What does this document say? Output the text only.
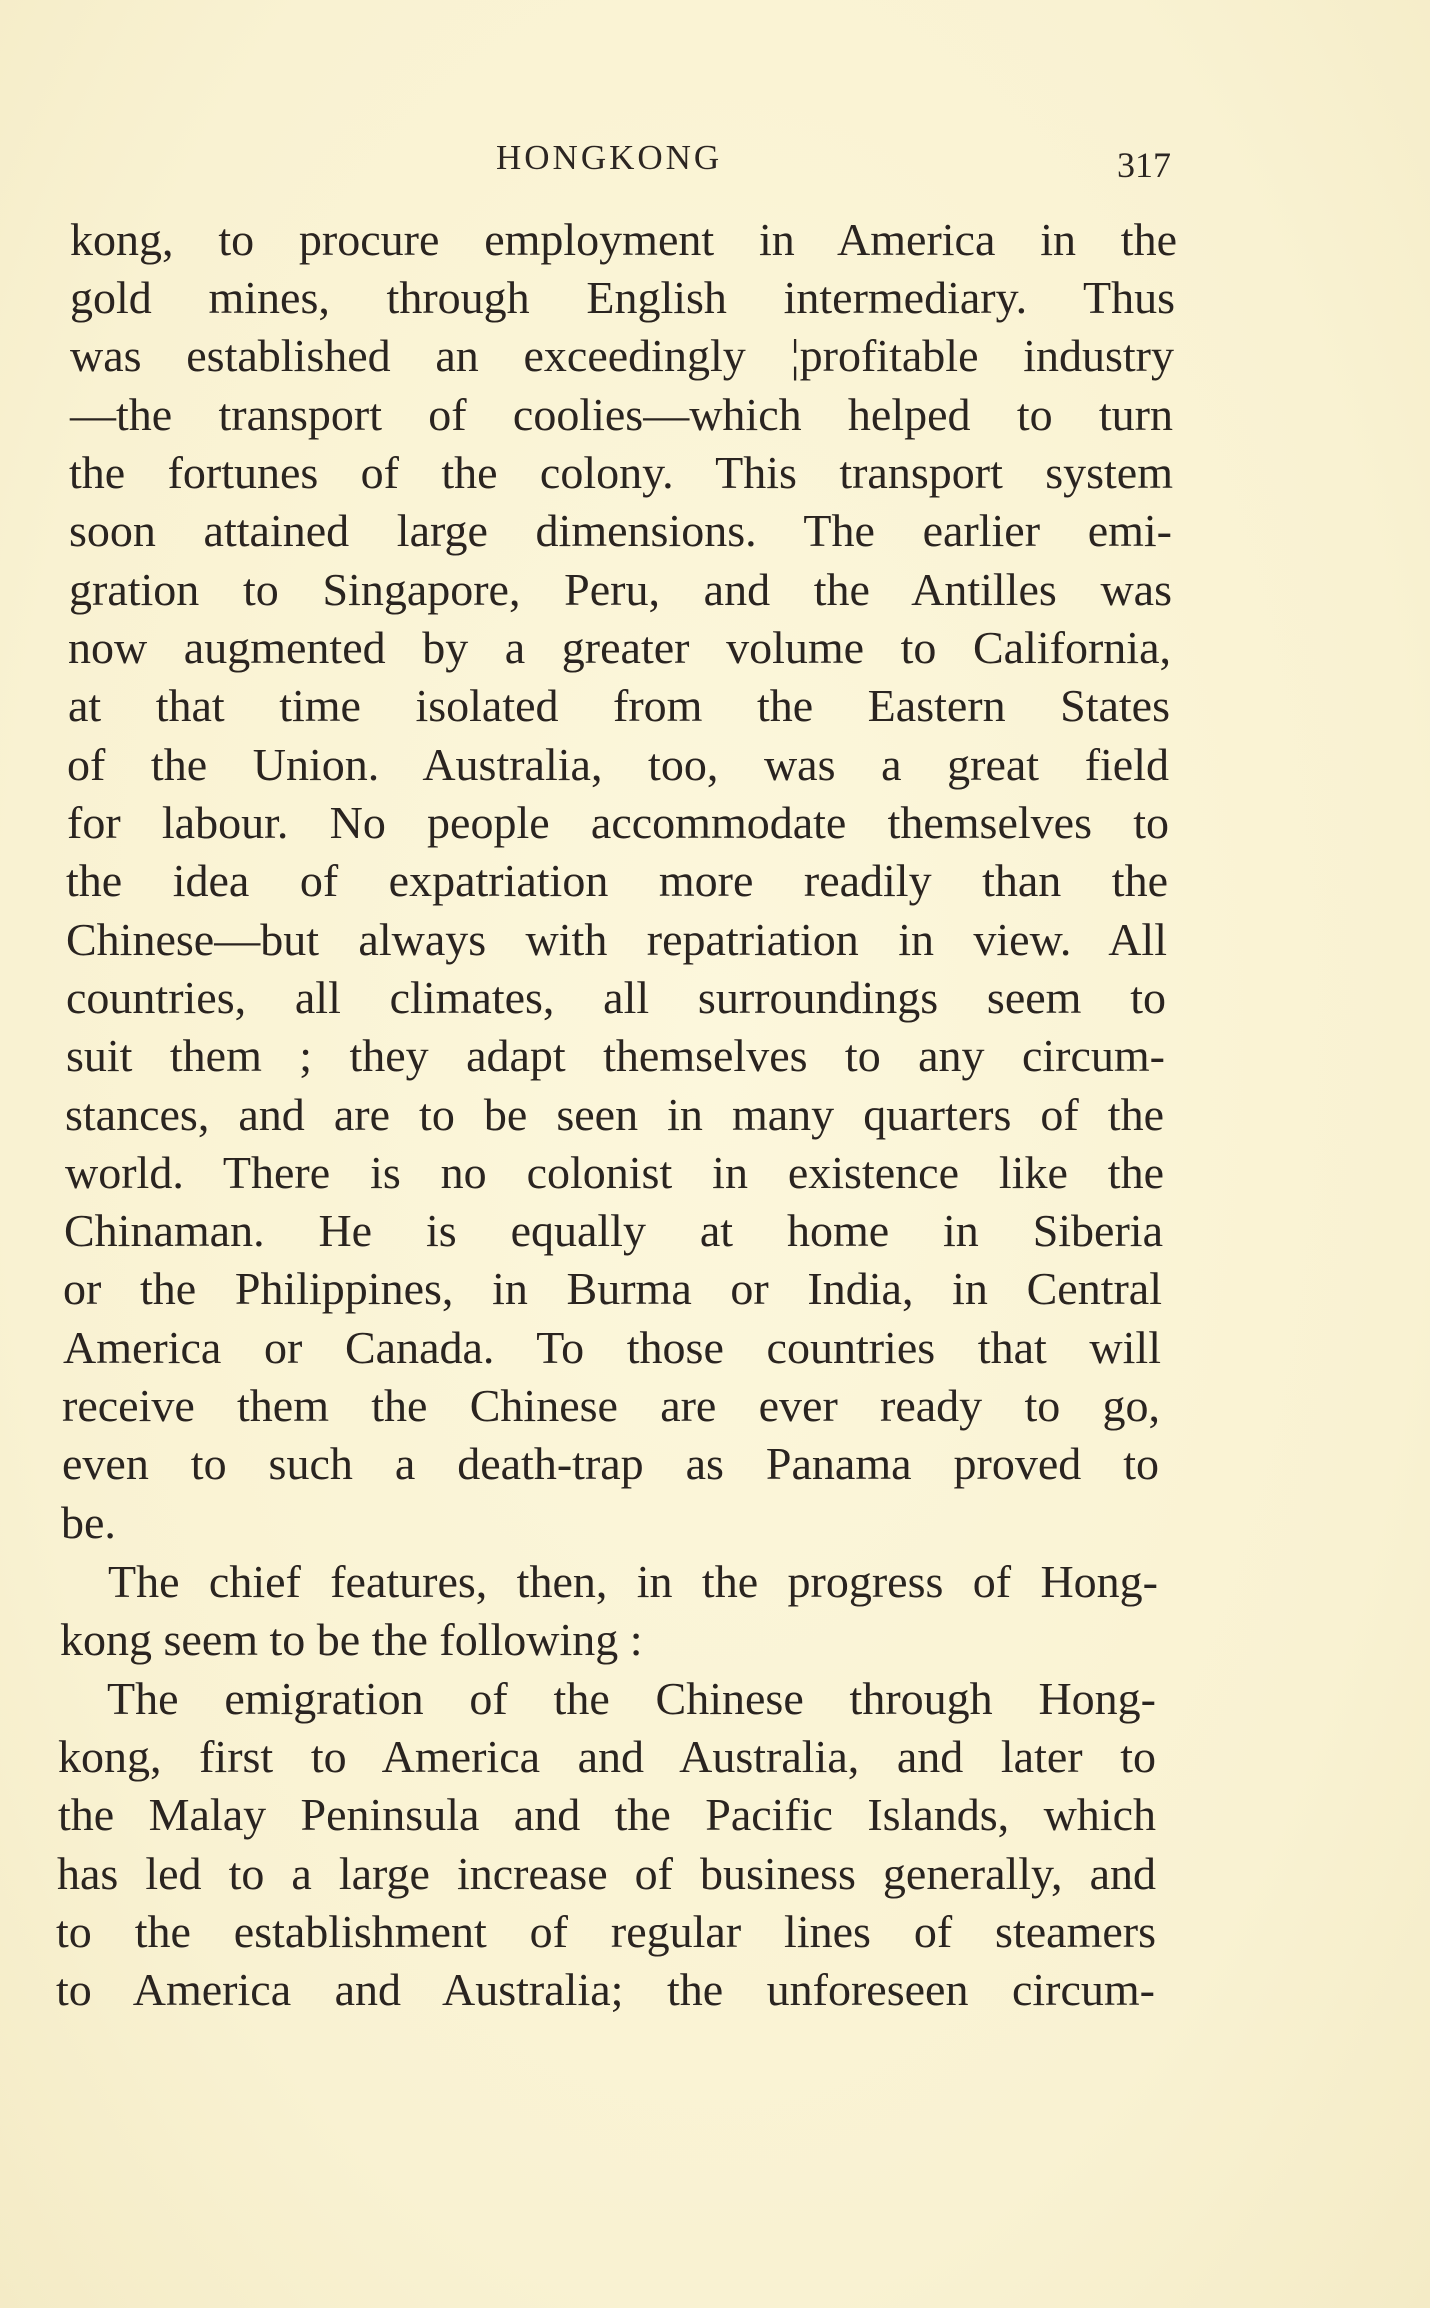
HONGKONG	317
kong, to procure employment in America in the
gold mines, through English intermediary. Thus
was established an exceedingly ¦profitable industry
—the transport of coolies—which helped to turn
the fortunes of the colony. This transport system
soon attained large dimensions. The earlier emi-
gration to Singapore, Peru, and the Antilles was
now augmented by a greater volume to California,
at that time isolated from the Eastern States
of the Union. Australia, too, was a great field
for labour. No people accommodate themselves to
the idea of expatriation more readily than the
Chinese—but always with repatriation in view. All
countries, all climates, all surroundings seem to
suit them ; they adapt themselves to any circum-
stances, and are to be seen in many quarters of the
world. There is no colonist in existence like the
Chinaman. He is equally at home in Siberia
or the Philippines, in Burma or India, in Central
America or Canada. To those countries that will
receive them the Chinese are ever ready to go,
even to such a death-trap as Panama proved to
be.
The chief features, then, in the progress of Hong-
kong seem to be the following :
The emigration of the Chinese through Hong-
kong, first to America and Australia, and later to
the Malay Peninsula and the Pacific Islands, which
has led to a large increase of business generally, and
to the establishment of regular lines of steamers
to America and Australia; the unforeseen circum-
